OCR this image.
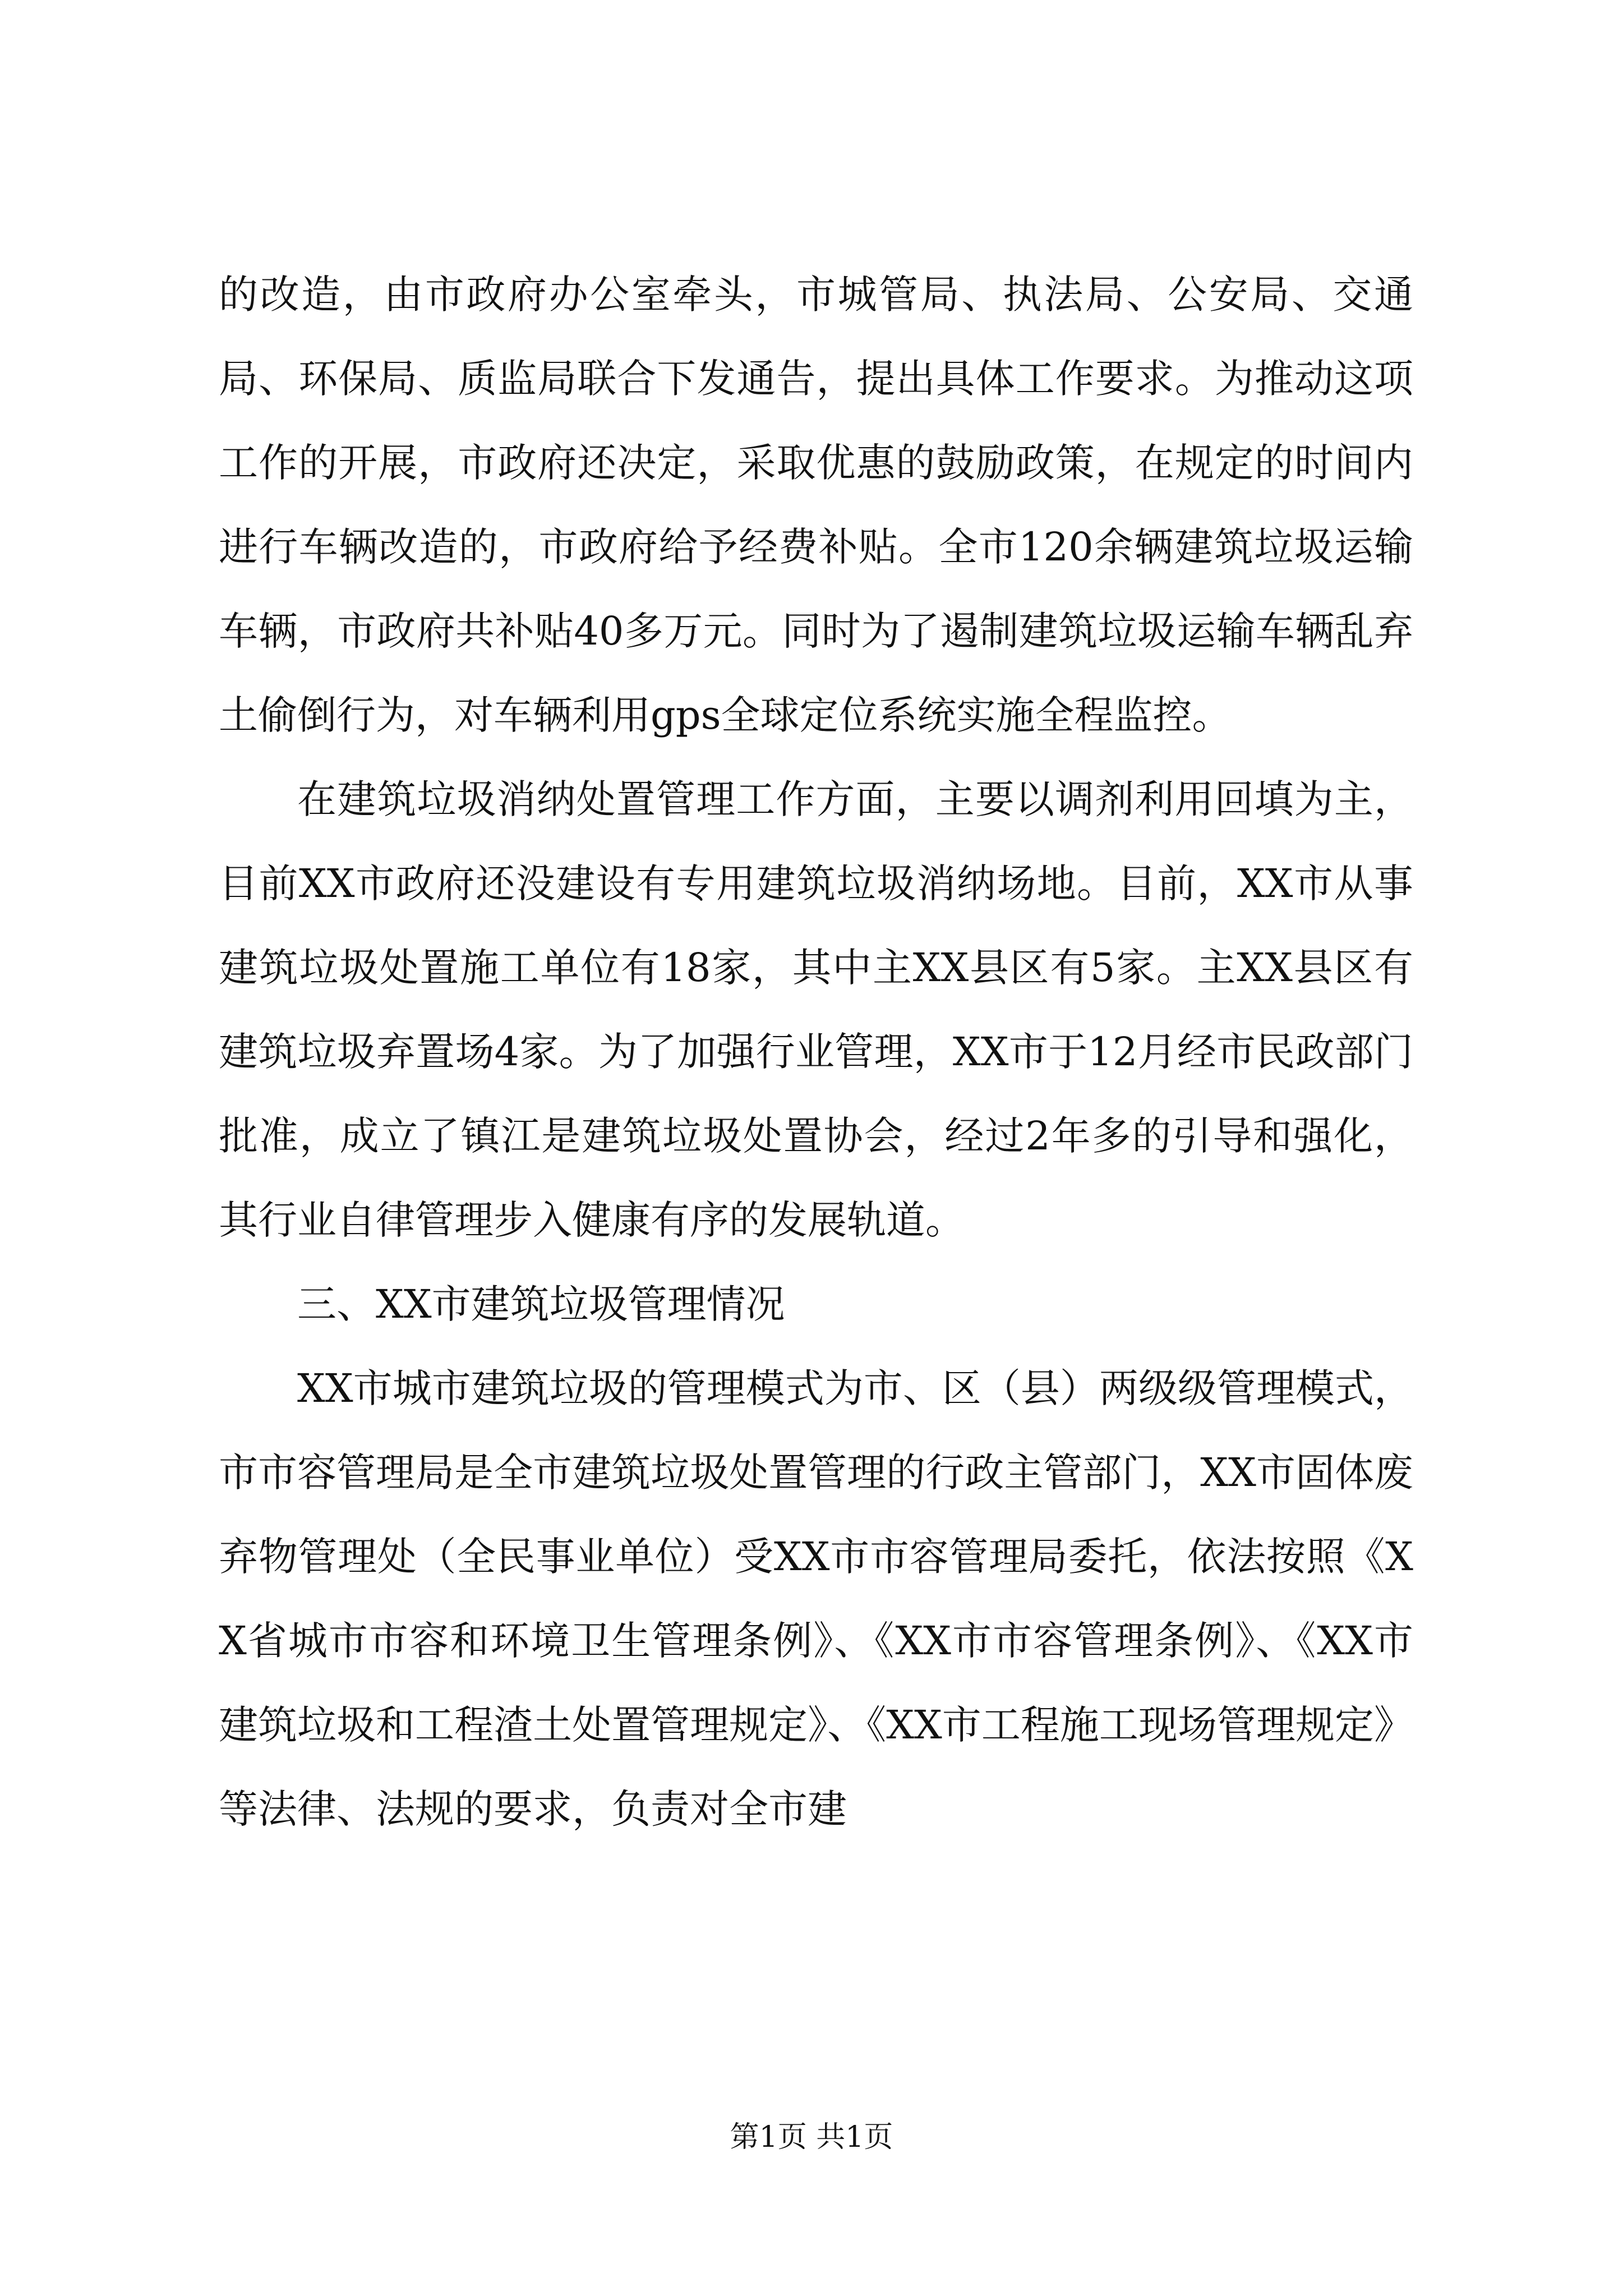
的改造，由市政府办公室牵头，市城管局、执法局、公安局、交通局、环保局、质监局联合下发通告，提出具体工作要求。为推动这项工作的开展，市政府还决定，采取优惠的鼓励政策，在规定的时间内进行车辆改造的，市政府给予经费补贴。全市120余辆建筑垃圾运输车辆，市政府共补贴40多万元。同时为了遏制建筑垃圾运输车辆乱弃土偷倒行为，对车辆利用gps全球定位系统实施全程监控。

在建筑垃圾消纳处置管理工作方面，主要以调剂利用回填为主，目前XX市政府还没建设有专用建筑垃圾消纳场地。目前，XX市从事建筑垃圾处置施工单位有18家，其中主XX县区有5家。主XX县区有建筑垃圾弃置场4家。为了加强行业管理，XX市于12月经市民政部门批准，成立了镇江是建筑垃圾处置协会，经过2年多的引导和强化，其行业自律管理步入健康有序的发展轨道。

三、XX市建筑垃圾管理情况

XX市城市建筑垃圾的管理模式为市、区（县）两级级管理模式，市市容管理局是全市建筑垃圾处置管理的行政主管部门，XX市固体废弃物管理处（全民事业单位）受XX市市容管理局委托，依法按照《XX省城市市容和环境卫生管理条例》、《XX市市容管理条例》、《XX市建筑垃圾和工程渣土处置管理规定》、《XX市工程施工现场管理规定》等法律、法规的要求，负责对全市建

第1页 共1页
